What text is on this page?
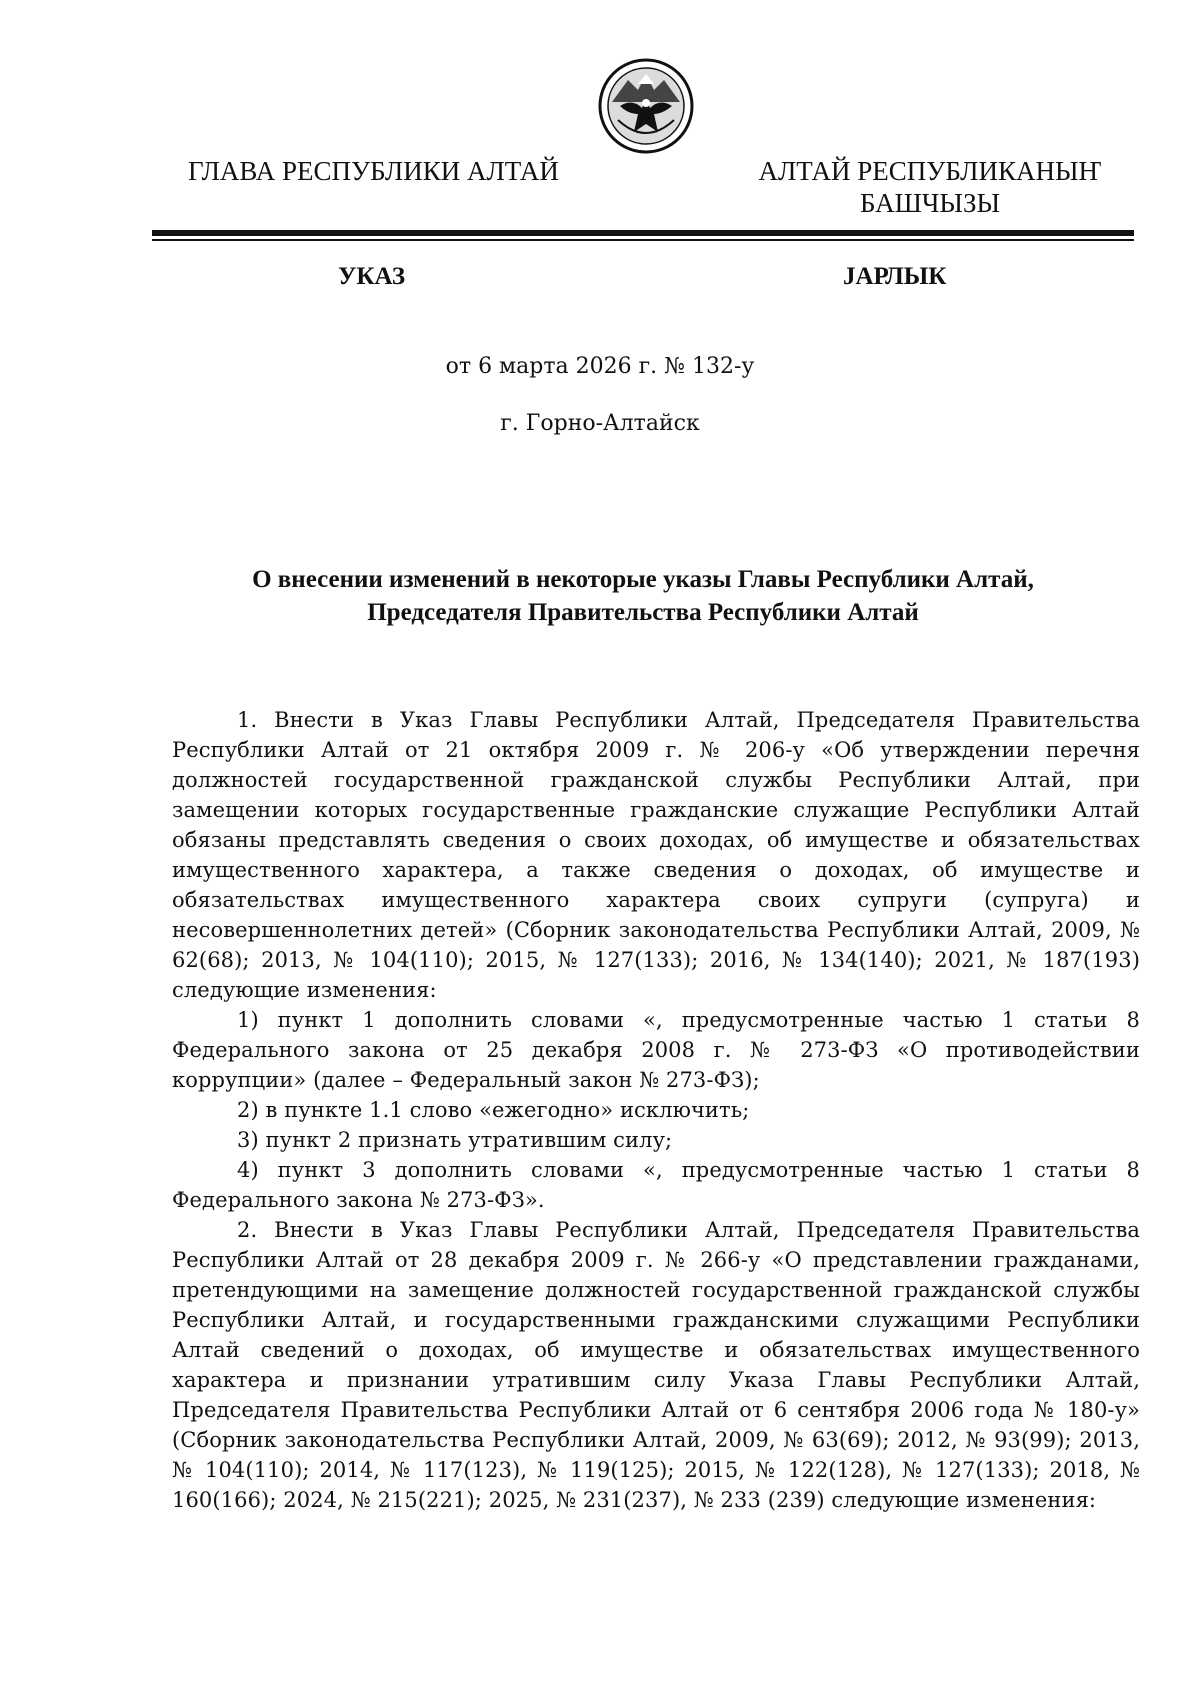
ГЛАВА РЕСПУБЛИКИ АЛТАЙ	АЛТАЙ РЕСПУБЛИКАНЫҤ
БАШЧЫЗЫ
УКАЗ	JАРЛЫК
от 6 марта 2026 г. № 132-у
г. Горно-Алтайск
О внесении изменений в некоторые указы Главы Республики Алтай,
Председателя Правительства Республики Алтай

1. Внести в Указ Главы Республики Алтай, Председателя Правительства Республики Алтай от 21 октября 2009 г. № 206-у «Об утверждении перечня должностей государственной гражданской службы Республики Алтай, при замещении которых государственные гражданские служащие Республики Алтай обязаны представлять сведения о своих доходах, об имуществе и обязательствах имущественного характера, а также сведения о доходах, об имуществе и обязательствах имущественного характера своих супруги (супруга) и несовершеннолетних детей» (Сборник законодательства Республики Алтай, 2009, № 62(68); 2013, № 104(110); 2015, № 127(133); 2016, № 134(140); 2021, № 187(193) следующие изменения:

1) пункт 1 дополнить словами «, предусмотренные частью 1 статьи 8 Федерального закона от 25 декабря 2008 г. № 273-ФЗ «О противодействии коррупции» (далее – Федеральный закон № 273-ФЗ);

2) в пункте 1.1 слово «ежегодно» исключить;

3) пункт 2 признать утратившим силу;

4) пункт 3 дополнить словами «, предусмотренные частью 1 статьи 8 Федерального закона № 273-ФЗ».

2. Внести в Указ Главы Республики Алтай, Председателя Правительства Республики Алтай от 28 декабря 2009 г. № 266-у «О представлении гражданами, претендующими на замещение должностей государственной гражданской службы Республики Алтай, и государственными гражданскими служащими Республики Алтай сведений о доходах, об имуществе и обязательствах имущественного характера и признании утратившим силу Указа Главы Республики Алтай, Председателя Правительства Республики Алтай от 6 сентября 2006 года № 180-у» (Сборник законодательства Республики Алтай, 2009, № 63(69); 2012, № 93(99); 2013, № 104(110); 2014, № 117(123), № 119(125); 2015, № 122(128), № 127(133); 2018, № 160(166); 2024, № 215(221); 2025, № 231(237), № 233 (239) следующие изменения:
